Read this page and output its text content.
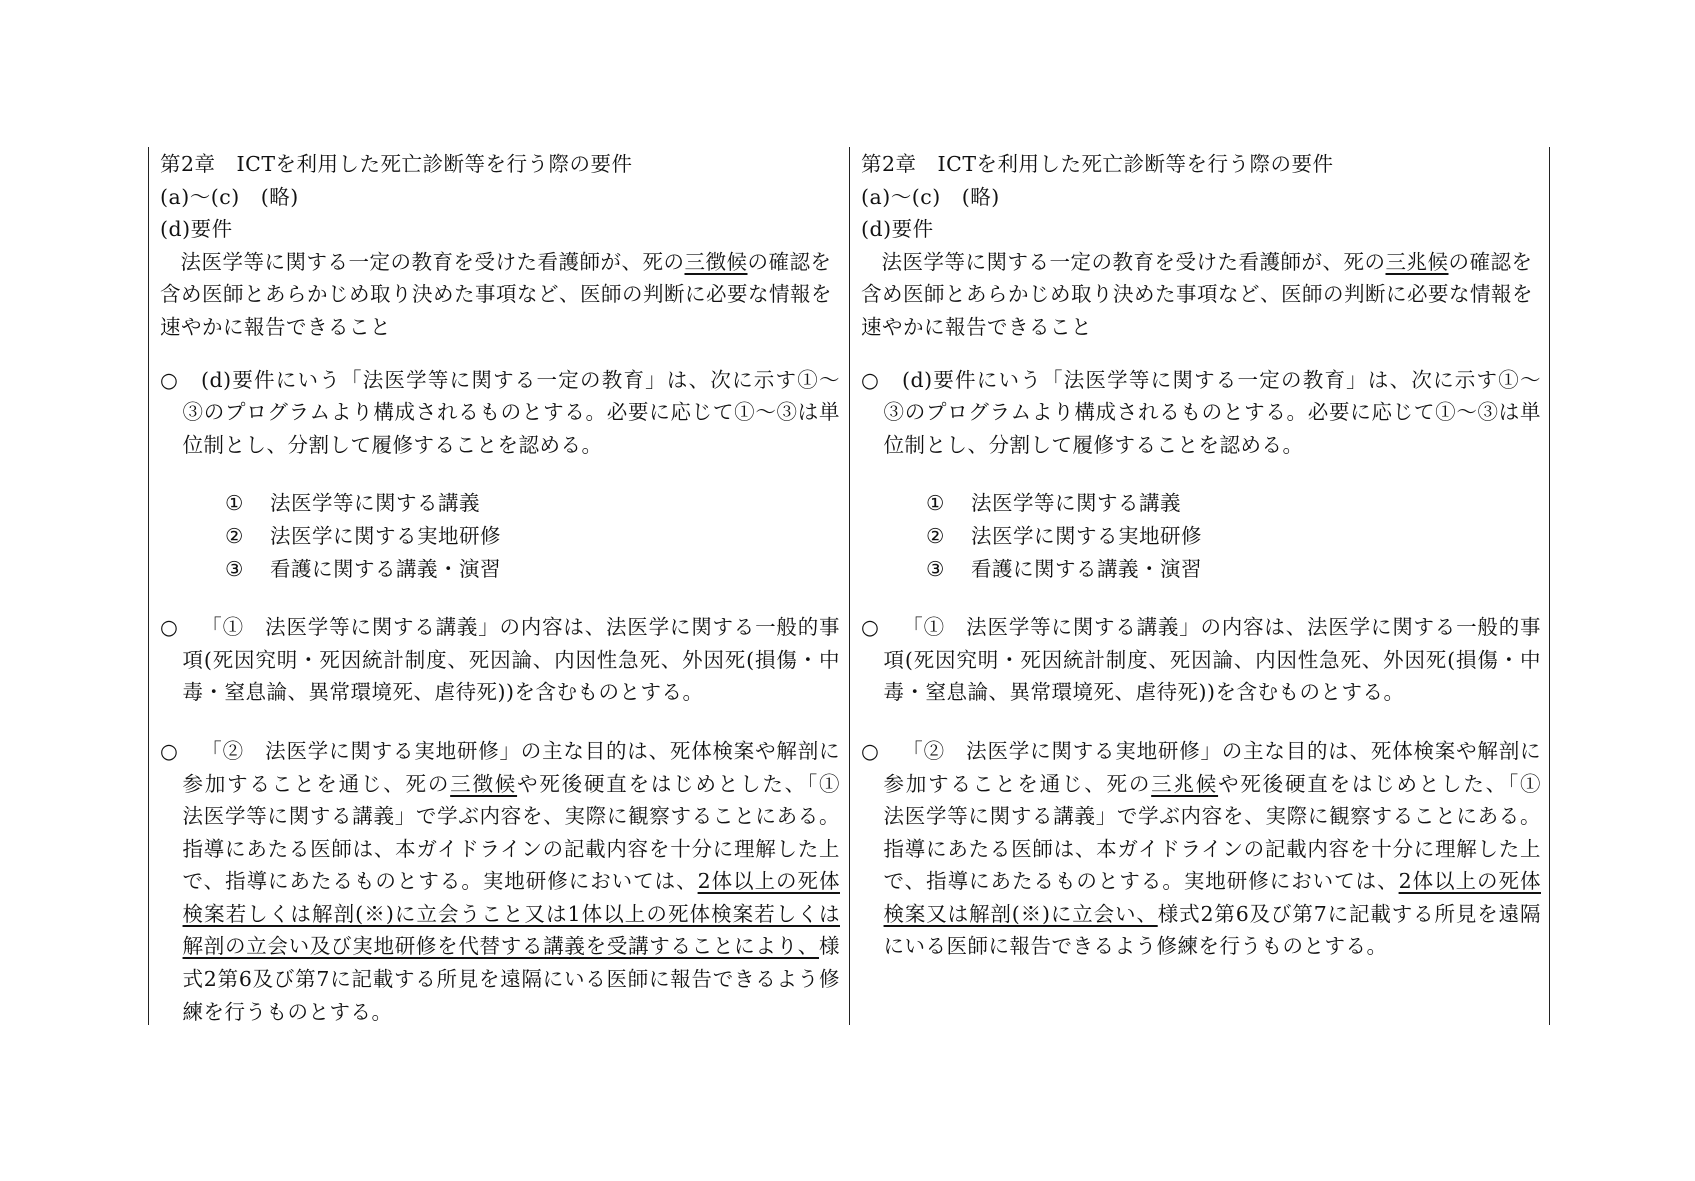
第2章　ICTを利用した死亡診断等を行う際の要件

(a)～(c)　(略)

(d)要件

法医学等に関する一定の教育を受けた看護師が、死の三徴候の確認を含め医師とあらかじめ取り決めた事項など、医師の判断に必要な情報を速やかに報告できること

○ (d)要件にいう「法医学等に関する一定の教育」は、次に示す①～③のプログラムより構成されるものとする。必要に応じて①～③は単位制とし、分割して履修することを認める。

① 法医学等に関する講義

② 法医学に関する実地研修

③ 看護に関する講義・演習

○ 「①　法医学等に関する講義」の内容は、法医学に関する一般的事項(死因究明・死因統計制度、死因論、内因性急死、外因死(損傷・中毒・窒息論、異常環境死、虐待死))を含むものとする。
○ 「②　法医学に関する実地研修」の主な目的は、死体検案や解剖に参加することを通じ、死の三徴候や死後硬直をはじめとした、「①　法医学等に関する講義」で学ぶ内容を、実際に観察することにある。指導にあたる医師は、本ガイドラインの記載内容を十分に理解した上で、指導にあたるものとする。実地研修においては、2体以上の死体検案若しくは解剖(※)に立会うこと又は1体以上の死体検案若しくは解剖の立会い及び実地研修を代替する講義を受講することにより、様式2第6及び第7に記載する所見を遠隔にいる医師に報告できるよう修練を行うものとする。

第2章　ICTを利用した死亡診断等を行う際の要件

(a)～(c)　(略)

(d)要件

法医学等に関する一定の教育を受けた看護師が、死の三兆候の確認を含め医師とあらかじめ取り決めた事項など、医師の判断に必要な情報を速やかに報告できること

○ (d)要件にいう「法医学等に関する一定の教育」は、次に示す①～③のプログラムより構成されるものとする。必要に応じて①～③は単位制とし、分割して履修することを認める。

① 法医学等に関する講義

② 法医学に関する実地研修

③ 看護に関する講義・演習

○ 「①　法医学等に関する講義」の内容は、法医学に関する一般的事項(死因究明・死因統計制度、死因論、内因性急死、外因死(損傷・中毒・窒息論、異常環境死、虐待死))を含むものとする。
○ 「②　法医学に関する実地研修」の主な目的は、死体検案や解剖に参加することを通じ、死の三兆候や死後硬直をはじめとした、「①　法医学等に関する講義」で学ぶ内容を、実際に観察することにある。指導にあたる医師は、本ガイドラインの記載内容を十分に理解した上で、指導にあたるものとする。実地研修においては、2体以上の死体検案又は解剖(※)に立会い、様式2第6及び第7に記載する所見を遠隔にいる医師に報告できるよう修練を行うものとする。
